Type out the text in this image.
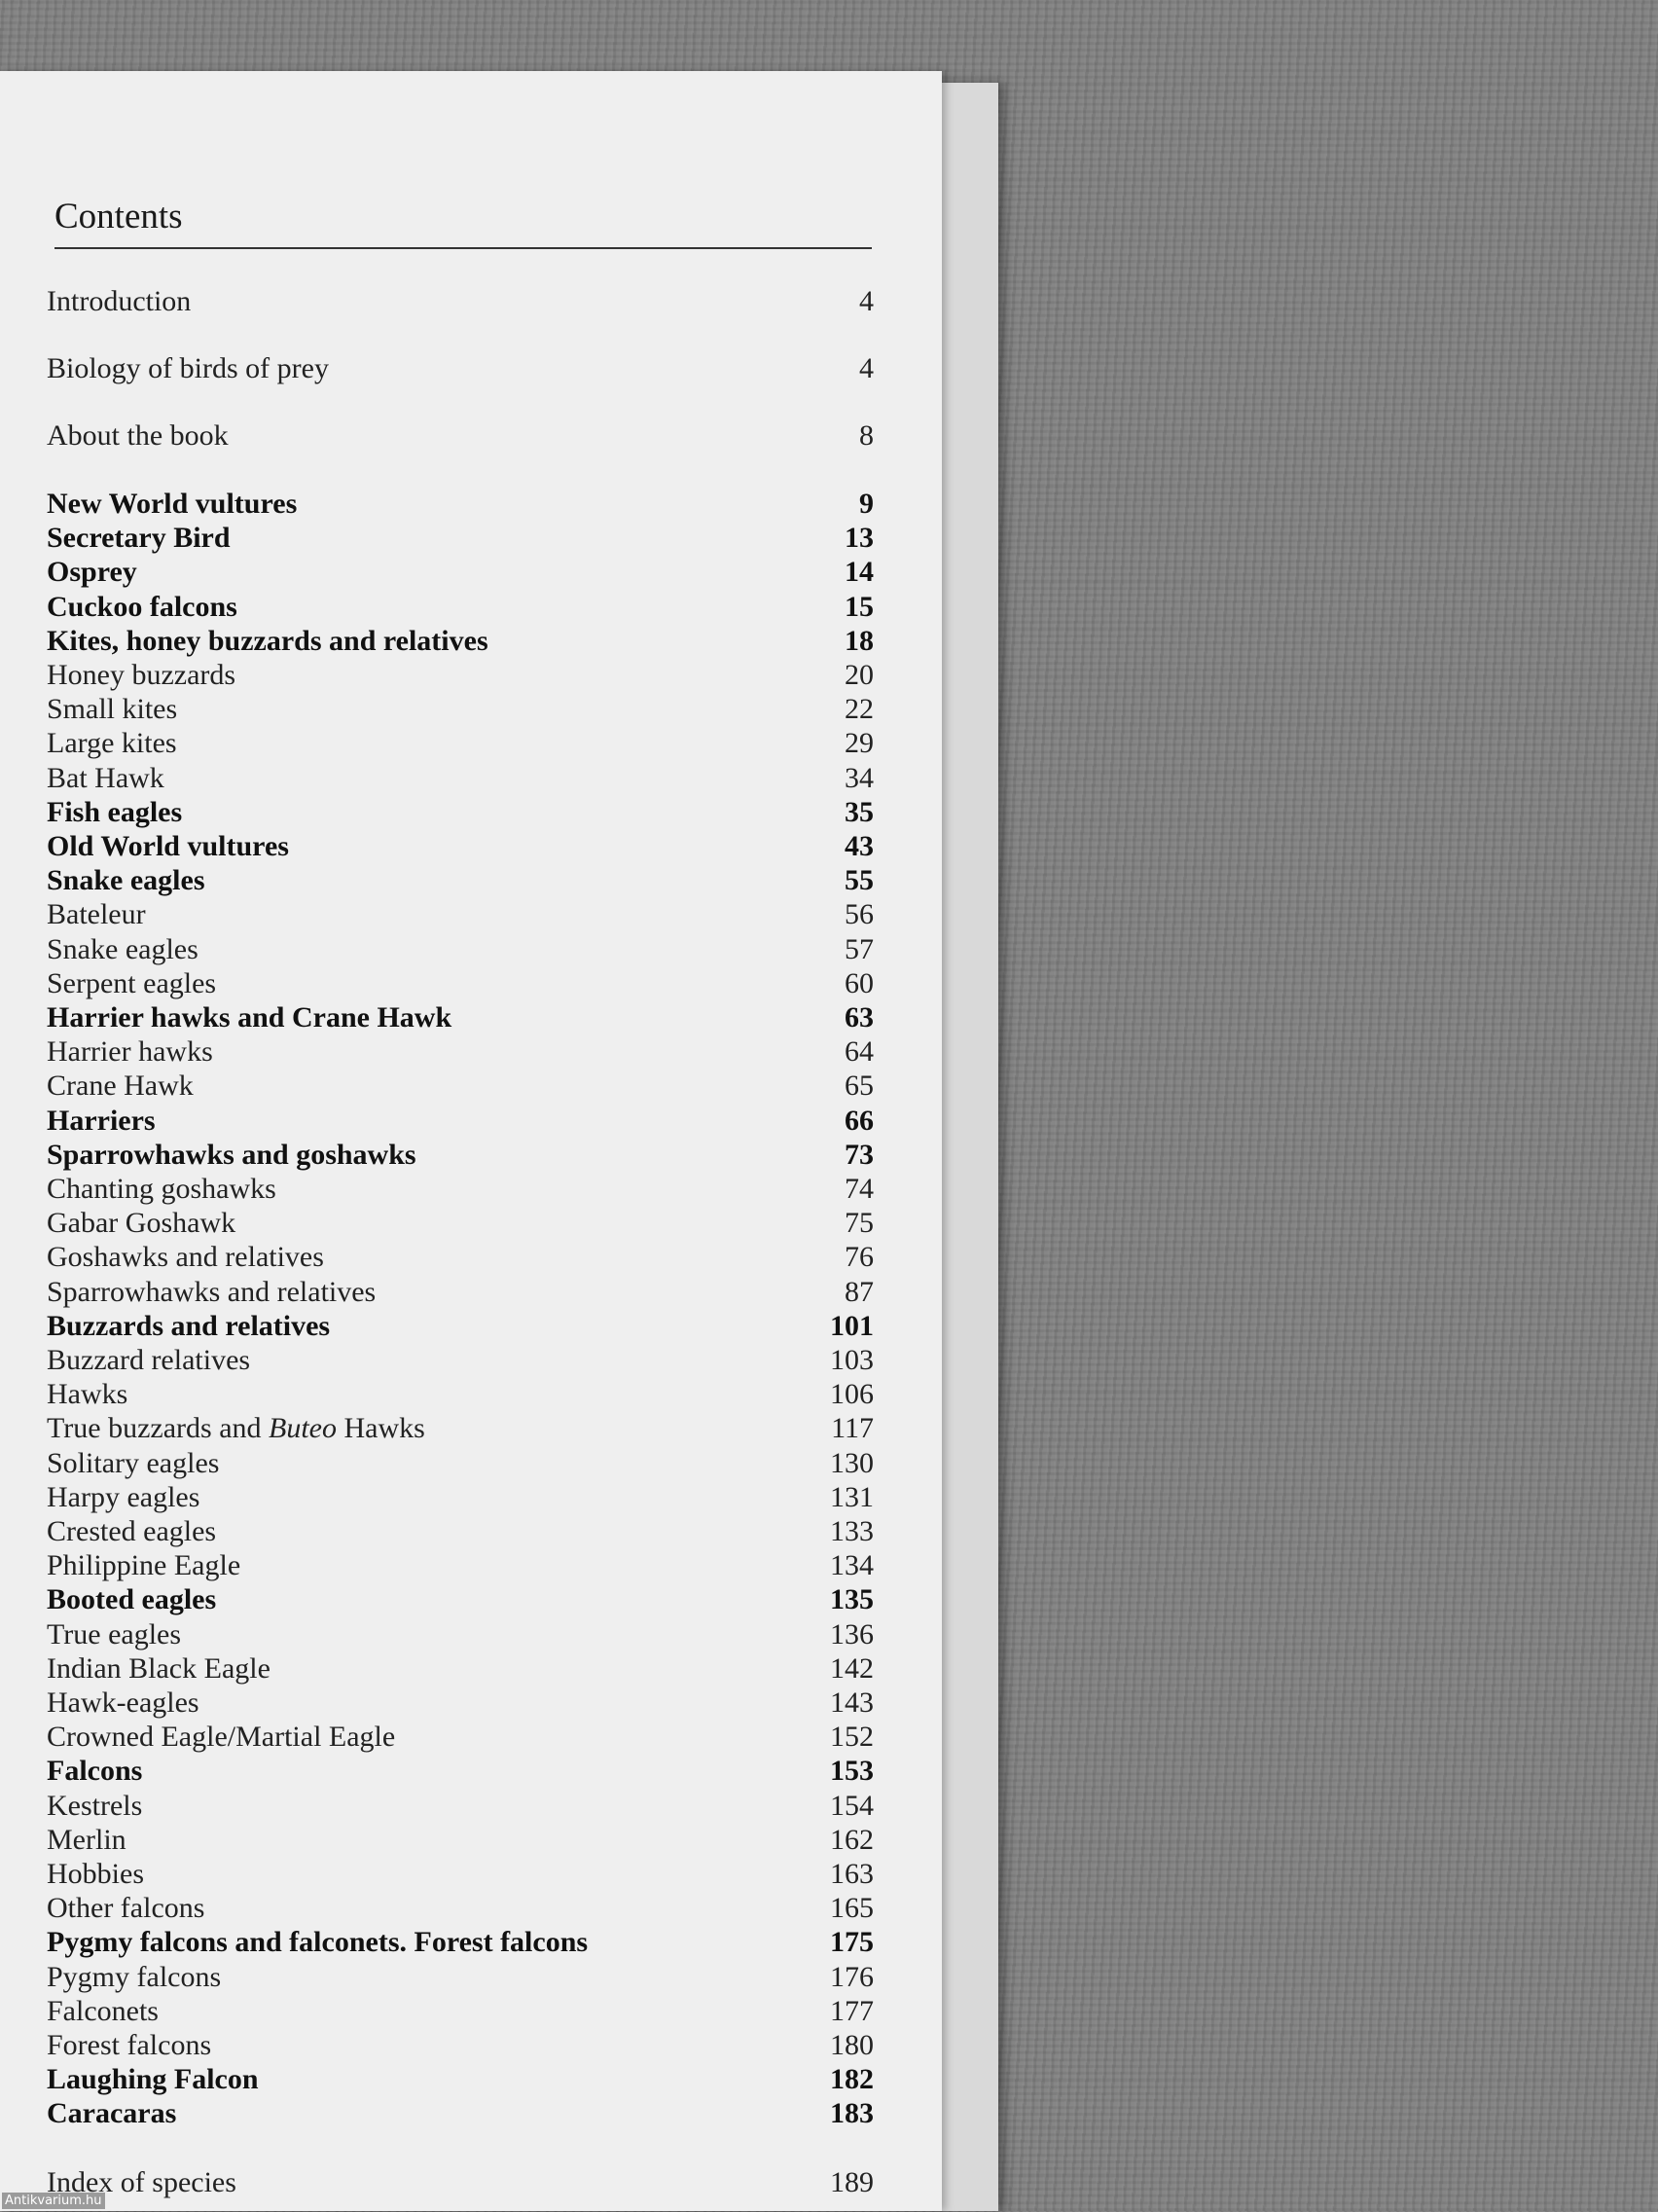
Contents
Introduction	4
Biology of birds of prey	4
About the book	8
New World vultures	9
Secretary Bird	13
Osprey	14
Cuckoo falcons	15
Kites, honey buzzards and relatives	18
Honey buzzards	20
Small kites	22
Large kites	29
Bat Hawk	34
Fish eagles	35
Old World vultures	43
Snake eagles	55
Bateleur	56
Snake eagles	57
Serpent eagles	60
Harrier hawks and Crane Hawk	63
Harrier hawks	64
Crane Hawk	65
Harriers	66
Sparrowhawks and goshawks	73
Chanting goshawks	74
Gabar Goshawk	75
Goshawks and relatives	76
Sparrowhawks and relatives	87
Buzzards and relatives	101
Buzzard relatives	103
Hawks	106
True buzzards and Buteo Hawks	117
Solitary eagles	130
Harpy eagles	131
Crested eagles	133
Philippine Eagle	134
Booted eagles	135
True eagles	136
Indian Black Eagle	142
Hawk-eagles	143
Crowned Eagle/Martial Eagle	152
Falcons	153
Kestrels	154
Merlin	162
Hobbies	163
Other falcons	165
Pygmy falcons and falconets. Forest falcons	175
Pygmy falcons	176
Falconets	177
Forest falcons	180
Laughing Falcon	182
Caracaras	183
Index of species	189
Antikvarium.hu
